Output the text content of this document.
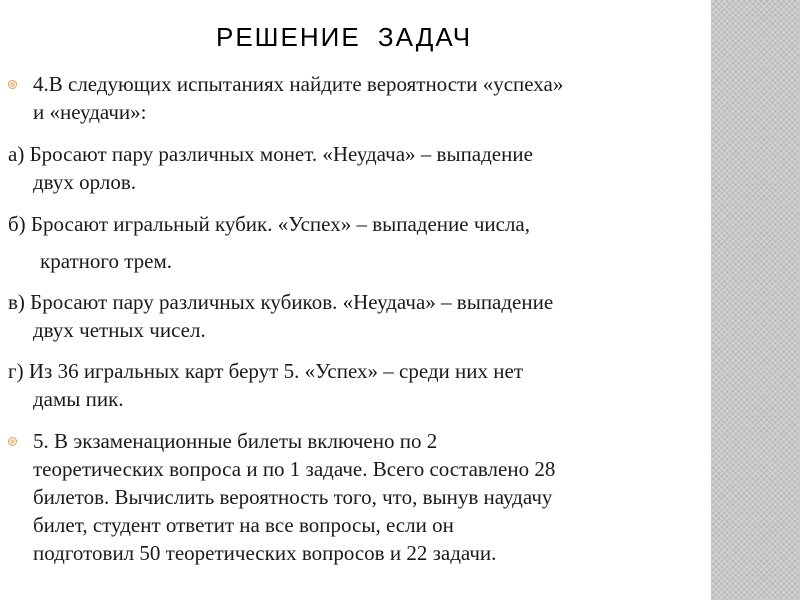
РЕШЕНИЕ ЗАДАЧ
4.В следующих испытаниях найдите вероятности «успеха»
и «неудачи»:
а) Бросают пару различных монет. «Неудача» – выпадение
двух орлов.
б) Бросают игральный кубик. «Успех» – выпадение числа,
кратного трем.
в) Бросают пару различных кубиков. «Неудача» – выпадение
двух четных чисел.
г) Из 36 игральных карт берут 5. «Успех» – среди них нет
дамы пик.
5. В экзаменационные билеты включено по 2
теоретических вопроса и по 1 задаче. Всего составлено 28
билетов. Вычислить вероятность того, что, вынув наудачу
билет, студент ответит на все вопросы, если он
подготовил 50 теоретических вопросов и 22 задачи.
